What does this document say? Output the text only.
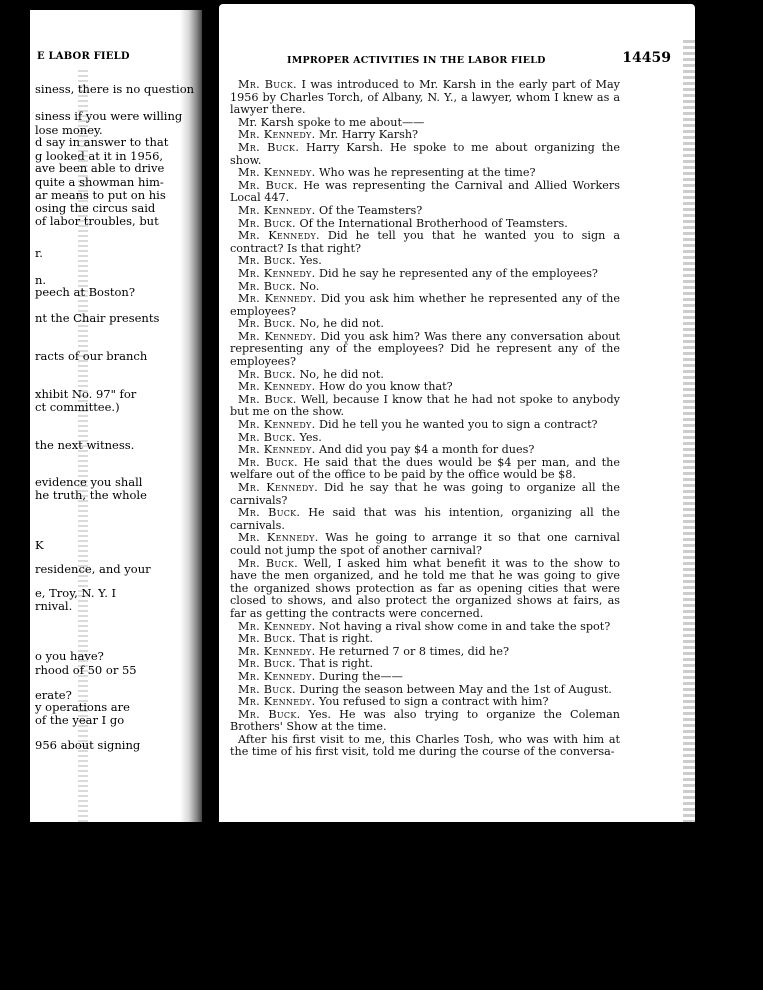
E LABOR FIELD
siness, there is no question
siness if you were willing
lose money.
d say in answer to that
g looked at it in 1956,
ave been able to drive
quite a showman him-
ar means to put on his
osing the circus said
of labor troubles, but
r.
n.
peech at Boston?
nt the Chair presents
racts of our branch
xhibit No. 97" for
ct committee.)
the next witness.
evidence you shall
he truth, the whole
K
residence, and your
e, Troy, N. Y. I
rnival.
o you have?
rhood of 50 or 55
erate?
y operations are
of the year I go
956 about signing
IMPROPER ACTIVITIES IN THE LABOR FIELD	14459

Mr. Buck. I was introduced to Mr. Karsh in the early part of May 1956 by Charles Torch, of Albany, N. Y., a lawyer, whom I knew as a lawyer there.

Mr. Karsh spoke to me about——

Mr. Kennedy. Mr. Harry Karsh?

Mr. Buck. Harry Karsh. He spoke to me about organizing the show.

Mr. Kennedy. Who was he representing at the time?

Mr. Buck. He was representing the Carnival and Allied Workers Local 447.

Mr. Kennedy. Of the Teamsters?

Mr. Buck. Of the International Brotherhood of Teamsters.

Mr. Kennedy. Did he tell you that he wanted you to sign a contract? Is that right?

Mr. Buck. Yes.

Mr. Kennedy. Did he say he represented any of the employees?

Mr. Buck. No.

Mr. Kennedy. Did you ask him whether he represented any of the employees?

Mr. Buck. No, he did not.

Mr. Kennedy. Did you ask him? Was there any conversation about representing any of the employees? Did he represent any of the employees?

Mr. Buck. No, he did not.

Mr. Kennedy. How do you know that?

Mr. Buck. Well, because I know that he had not spoke to anybody but me on the show.

Mr. Kennedy. Did he tell you he wanted you to sign a contract?

Mr. Buck. Yes.

Mr. Kennedy. And did you pay $4 a month for dues?

Mr. Buck. He said that the dues would be $4 per man, and the welfare out of the office to be paid by the office would be $8.

Mr. Kennedy. Did he say that he was going to organize all the carnivals?

Mr. Buck. He said that was his intention, organizing all the carnivals.

Mr. Kennedy. Was he going to arrange it so that one carnival could not jump the spot of another carnival?

Mr. Buck. Well, I asked him what benefit it was to the show to have the men organized, and he told me that he was going to give the organized shows protection as far as opening cities that were closed to shows, and also protect the organized shows at fairs, as far as getting the contracts were concerned.

Mr. Kennedy. Not having a rival show come in and take the spot?

Mr. Buck. That is right.

Mr. Kennedy. He returned 7 or 8 times, did he?

Mr. Buck. That is right.

Mr. Kennedy. During the——

Mr. Buck. During the season between May and the 1st of August.

Mr. Kennedy. You refused to sign a contract with him?

Mr. Buck. Yes. He was also trying to organize the Coleman Brothers' Show at the time.

After his first visit to me, this Charles Tosh, who was with him at the time of his first visit, told me during the course of the conversa-
